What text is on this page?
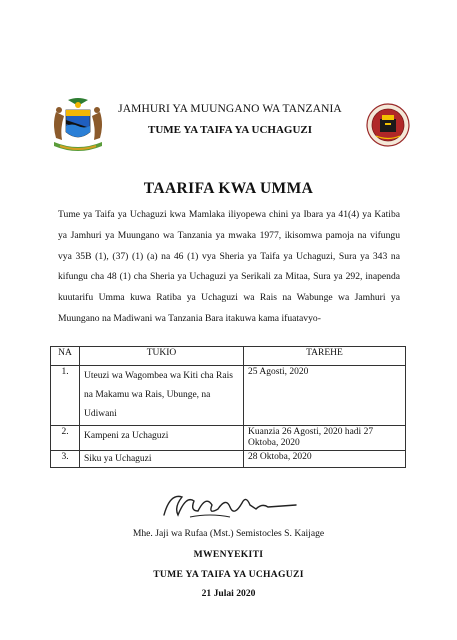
JAMHURI YA MUUNGANO WA TANZANIA
TUME YA TAIFA YA UCHAGUZI
TAARIFA KWA UMMA
Tume ya Taifa ya Uchaguzi kwa Mamlaka iliyopewa chini ya Ibara ya 41(4) ya Katiba ya Jamhuri ya Muungano wa Tanzania ya mwaka 1977, ikisomwa pamoja na vifungu vya 35B (1), (37) (1) (a) na 46 (1) vya Sheria ya Taifa ya Uchaguzi, Sura ya 343 na kifungu cha 48 (1) cha Sheria ya Uchaguzi ya Serikali za Mitaa, Sura ya 292, inapenda kuutarifu Umma kuwa Ratiba ya Uchaguzi wa Rais na Wabunge wa Jamhuri ya Muungano na Madiwani wa Tanzania Bara itakuwa kama ifuatavyo-
NA	TUKIO	TAREHE
1.	Uteuzi wa Wagombea wa Kiti cha Rais na Makamu wa Rais, Ubunge, na Udiwani	25 Agosti, 2020
2.	Kampeni za Uchaguzi	Kuanzia 26 Agosti, 2020 hadi 27 Oktoba, 2020
3.	Siku ya Uchaguzi	28 Oktoba, 2020
Mhe. Jaji wa Rufaa (Mst.) Semistocles S. Kaijage
MWENYEKITI
TUME YA TAIFA YA UCHAGUZI
21 Julai 2020
